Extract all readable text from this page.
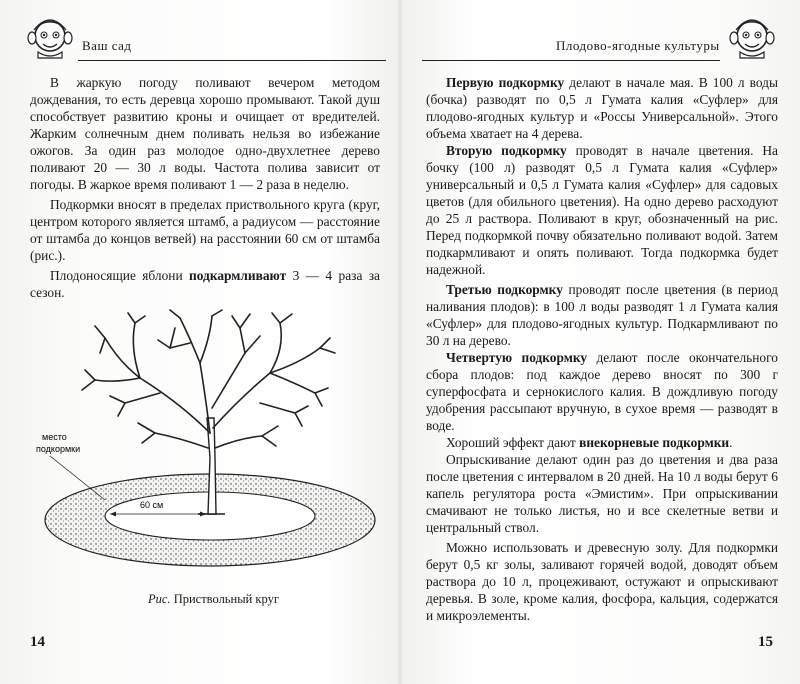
Ваш сад

В жаркую погоду поливают вечером методом дождевания, то есть деревца хорошо промывают. Такой душ способствует развитию кроны и очищает от вредителей. Жарким солнечным днем поливать нельзя во избежание ожогов. За один раз молодое одно-двухлетнее дерево поливают 20 — 30 л воды. Частота полива зависит от погоды. В жаркое время поливают 1 — 2 раза в неделю.

Подкормки вносят в пределах приствольного круга (круг, центром которого является штамб, а радиусом — расстояние от штамба до концов ветвей) на расстоянии 60 см от штамба (рис.).

Плодоносящие яблони подкармливают 3 — 4 раза за сезон.

60 см
место
подкормки
Рис. Приствольный круг
14
Плодово-ягодные культуры

Первую подкормку делают в начале мая. В 100 л воды (бочка) разводят по 0,5 л Гумата калия «Суфлер» для плодово-ягодных культур и «Россы Универсальной». Этого объема хватает на 4 дерева.

Вторую подкормку проводят в начале цветения. На бочку (100 л) разводят 0,5 л Гумата калия «Суфлер» универсальный и 0,5 л Гумата калия «Суфлер» для садовых цветов (для обильного цветения). На одно дерево расходуют до 25 л раствора. Поливают в круг, обозначенный на рис. Перед подкормкой почву обязательно поливают водой. Затем подкармливают и опять поливают. Тогда подкормка будет надежной.

Третью подкормку проводят после цветения (в период наливания плодов): в 100 л воды разводят 1 л Гумата калия «Суфлер» для плодово-ягодных культур. Подкармливают по 30 л на дерево.

Четвертую подкормку делают после окончательного сбора плодов: под каждое дерево вносят по 300 г суперфосфата и сернокислого калия. В дождливую погоду удобрения рассыпают вручную, в сухое время — разводят в воде.

Хороший эффект дают внекорневые подкормки.

Опрыскивание делают один раз до цветения и два раза после цветения с интервалом в 20 дней. На 10 л воды берут 6 капель регулятора роста «Эмистим». При опрыскивании смачивают не только листья, но и все скелетные ветви и центральный ствол.

Можно использовать и древесную золу. Для подкормки берут 0,5 кг золы, заливают горячей водой, доводят объем раствора до 10 л, процеживают, остужают и опрыскивают деревья. В золе, кроме калия, фосфора, кальция, содержатся и микроэлементы.

15
